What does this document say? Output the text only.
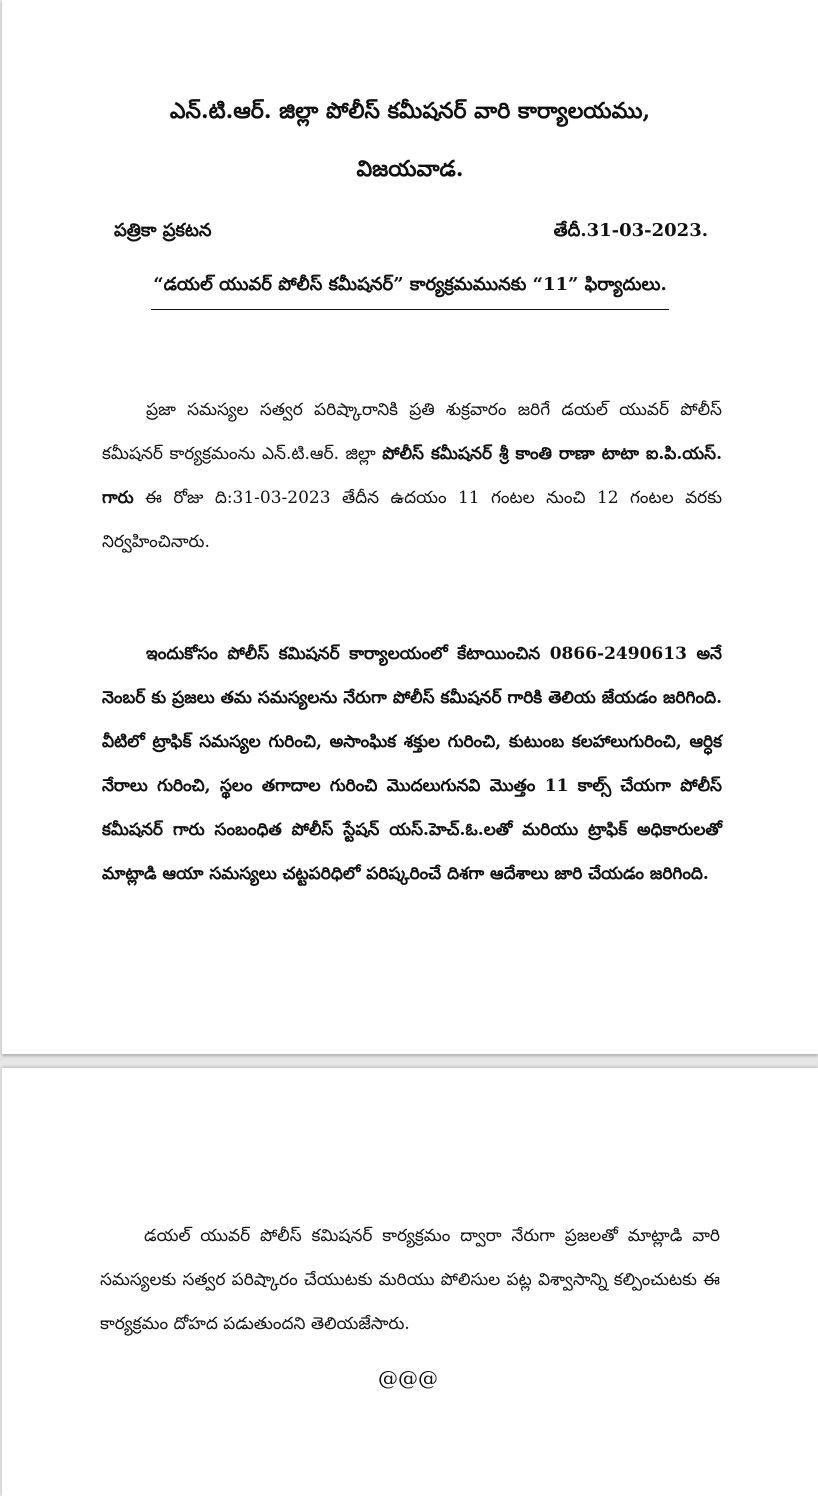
ఎన్.టి.ఆర్. జిల్లా పోలీస్ కమీషనర్ వారి కార్యాలయము,
విజయవాడ.
పత్రికా ప్రకటన	తేదీ.31-03-2023.
“డయల్ యువర్ పోలీస్ కమీషనర్” కార్యక్రమమునకు “11” ఫిర్యాదులు.

ప్రజా సమస్యల సత్వర పరిష్కారానికి ప్రతి శుక్రవారం జరిగే డయల్ యువర్ పోలీస్ కమీషనర్ కార్యక్రమంను ఎన్.టి.ఆర్. జిల్లా పోలీస్ కమీషనర్ శ్రీ కాంతి రాణా టాటా ఐ.పి.యస్. గారు ఈ రోజు ది:31-03-2023 తేదీన ఉదయం 11 గంటల నుంచి 12 గంటల వరకు నిర్వహించినారు.

ఇందుకోసం పోలీస్ కమిషనర్ కార్యాలయంలో కేటాయించిన 0866-2490613 అనే నెంబర్ కు ప్రజలు తమ సమస్యలను నేరుగా పోలీస్ కమీషనర్ గారికి తెలియ జేయడం జరిగింది. వీటిలో ట్రాఫిక్ సమస్యల గురించి, అసాంఘిక శక్తుల గురించి, కుటుంబ కలహాలుగురించి, ఆర్ధిక నేరాలు గురించి, స్థలం తగాదాల గురించి మొదలుగునవి మొత్తం 11 కాల్స్ చేయగా పోలీస్ కమీషనర్ గారు సంబంధిత పోలీస్ స్టేషన్ యస్.హెచ్.ఓ.లతో మరియు ట్రాఫిక్ అధికారులతో మాట్లాడి ఆయా సమస్యలు చట్టపరిధిలో పరిష్కరించే దిశగా ఆదేశాలు జారి చేయడం జరిగింది.

డయల్ యువర్ పోలీస్ కమిషనర్ కార్యక్రమం ద్వారా నేరుగా ప్రజలతో మాట్లాడి వారి సమస్యలకు సత్వర పరిష్కారం చేయుటకు మరియు పోలిసుల పట్ల విశ్వాసాన్ని కల్పించుటకు ఈ కార్యక్రమం దోహద పడుతుందని తెలియజేసారు.

@@@
